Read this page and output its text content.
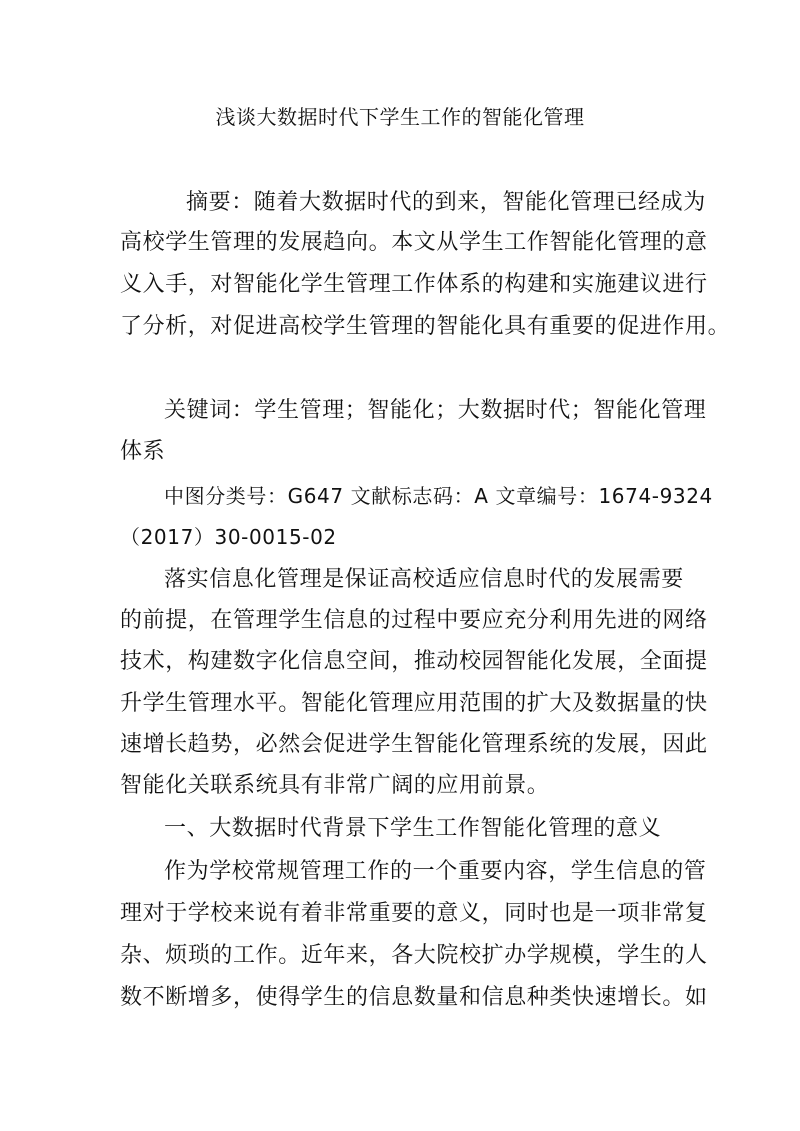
浅谈大数据时代下学生工作的智能化管理
摘要：随着大数据时代的到来，智能化管理已经成为
高校学生管理的发展趋向。本文从学生工作智能化管理的意
义入手，对智能化学生管理工作体系的构建和实施建议进行
了分析，对促进高校学生管理的智能化具有重要的促进作用。
关键词：学生管理；智能化；大数据时代；智能化管理
体系
中图分类号：G647 文献标志码：A 文章编号：1674-9324
（2017）30-0015-02
落实信息化管理是保证高校适应信息时代的发展需要
的前提，在管理学生信息的过程中要应充分利用先进的网络
技术，构建数字化信息空间，推动校园智能化发展，全面提
升学生管理水平。智能化管理应用范围的扩大及数据量的快
速增长趋势，必然会促进学生智能化管理系统的发展，因此
智能化关联系统具有非常广阔的应用前景。
一、大数据时代背景下学生工作智能化管理的意义
作为学校常规管理工作的一个重要内容，学生信息的管
理对于学校来说有着非常重要的意义，同时也是一项非常复
杂、烦琐的工作。近年来，各大院校扩办学规模，学生的人
数不断增多，使得学生的信息数量和信息种类快速增长。如
